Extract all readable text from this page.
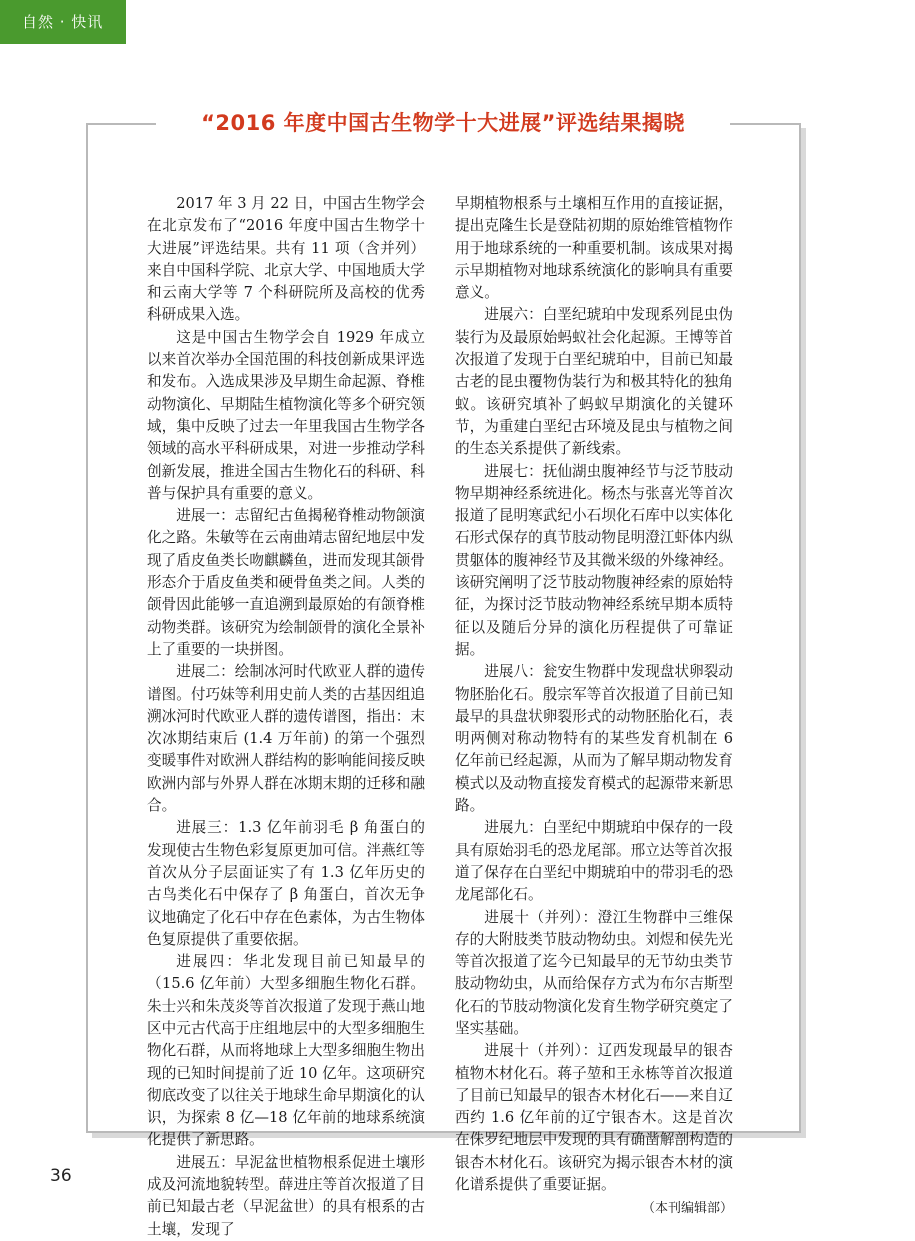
自然 · 快讯
“2016 年度中国古生物学十大进展”评选结果揭晓

2017 年 3 月 22 日，中国古生物学会在北京发布了“2016 年度中国古生物学十大进展”评选结果。共有 11 项（含并列）来自中国科学院、北京大学、中国地质大学和云南大学等 7 个科研院所及高校的优秀科研成果入选。

这是中国古生物学会自 1929 年成立以来首次举办全国范围的科技创新成果评选和发布。入选成果涉及早期生命起源、脊椎动物演化、早期陆生植物演化等多个研究领域，集中反映了过去一年里我国古生物学各领域的高水平科研成果，对进一步推动学科创新发展，推进全国古生物化石的科研、科普与保护具有重要的意义。

进展一：志留纪古鱼揭秘脊椎动物颌演化之路。朱敏等在云南曲靖志留纪地层中发现了盾皮鱼类长吻麒麟鱼，进而发现其颌骨形态介于盾皮鱼类和硬骨鱼类之间。人类的颌骨因此能够一直追溯到最原始的有颌脊椎动物类群。该研究为绘制颌骨的演化全景补上了重要的一块拼图。

进展二：绘制冰河时代欧亚人群的遗传谱图。付巧妹等利用史前人类的古基因组追溯冰河时代欧亚人群的遗传谱图，指出：末次冰期结束后 (1.4 万年前) 的第一个强烈变暖事件对欧洲人群结构的影响能间接反映欧洲内部与外界人群在冰期末期的迁移和融合。

进展三：1.3 亿年前羽毛 β 角蛋白的发现使古生物色彩复原更加可信。泮燕红等首次从分子层面证实了有 1.3 亿年历史的古鸟类化石中保存了 β 角蛋白，首次无争议地确定了化石中存在色素体，为古生物体色复原提供了重要依据。

进展四：华北发现目前已知最早的（15.6 亿年前）大型多细胞生物化石群。朱士兴和朱茂炎等首次报道了发现于燕山地区中元古代高于庄组地层中的大型多细胞生物化石群，从而将地球上大型多细胞生物出现的已知时间提前了近 10 亿年。这项研究彻底改变了以往关于地球生命早期演化的认识，为探索 8 亿—18 亿年前的地球系统演化提供了新思路。

进展五：早泥盆世植物根系促进土壤形成及河流地貌转型。薛进庄等首次报道了目前已知最古老（早泥盆世）的具有根系的古土壤，发现了

早期植物根系与土壤相互作用的直接证据，提出克隆生长是登陆初期的原始维管植物作用于地球系统的一种重要机制。该成果对揭示早期植物对地球系统演化的影响具有重要意义。

进展六：白垩纪琥珀中发现系列昆虫伪装行为及最原始蚂蚁社会化起源。王博等首次报道了发现于白垩纪琥珀中，目前已知最古老的昆虫覆物伪装行为和极其特化的独角蚁。该研究填补了蚂蚁早期演化的关键环节，为重建白垩纪古环境及昆虫与植物之间的生态关系提供了新线索。

进展七：抚仙湖虫腹神经节与泛节肢动物早期神经系统进化。杨杰与张喜光等首次报道了昆明寒武纪小石坝化石库中以实体化石形式保存的真节肢动物昆明澄江虾体内纵贯躯体的腹神经节及其微米级的外缘神经。该研究阐明了泛节肢动物腹神经索的原始特征，为探讨泛节肢动物神经系统早期本质特征以及随后分异的演化历程提供了可靠证据。

进展八：瓮安生物群中发现盘状卵裂动物胚胎化石。殷宗军等首次报道了目前已知最早的具盘状卵裂形式的动物胚胎化石，表明两侧对称动物特有的某些发育机制在 6 亿年前已经起源，从而为了解早期动物发育模式以及动物直接发育模式的起源带来新思路。

进展九：白垩纪中期琥珀中保存的一段具有原始羽毛的恐龙尾部。邢立达等首次报道了保存在白垩纪中期琥珀中的带羽毛的恐龙尾部化石。

进展十（并列）：澄江生物群中三维保存的大附肢类节肢动物幼虫。刘煜和侯先光等首次报道了迄今已知最早的无节幼虫类节肢动物幼虫，从而给保存方式为布尔吉斯型化石的节肢动物演化发育生物学研究奠定了坚实基础。

进展十（并列）：辽西发现最早的银杏植物木材化石。蒋子堃和王永栋等首次报道了目前已知最早的银杏木材化石——来自辽西约 1.6 亿年前的辽宁银杏木。这是首次在侏罗纪地层中发现的具有确凿解剖构造的银杏木材化石。该研究为揭示银杏木材的演化谱系提供了重要证据。

（本刊编辑部）

36
